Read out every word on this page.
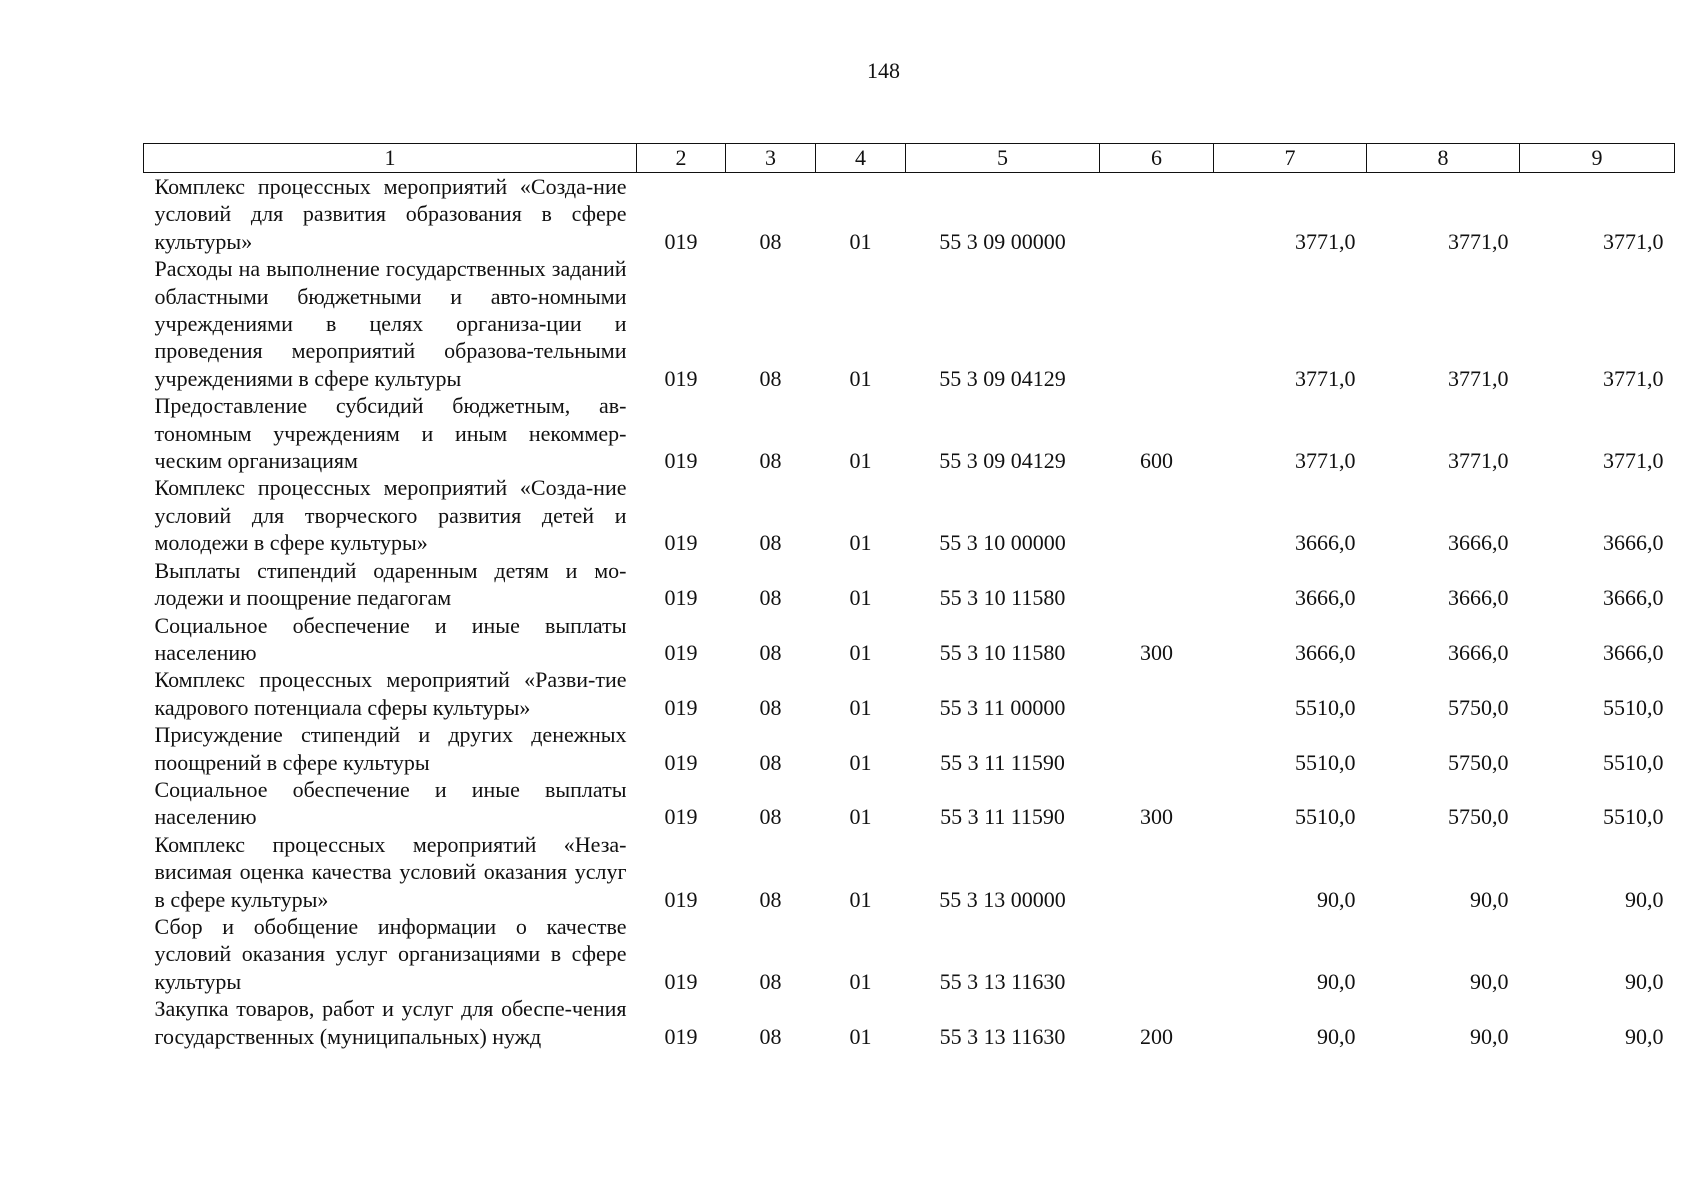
148
1	2	3	4	5	6	7	8	9
Комплекс процессных мероприятий «Созда-ние условий для развития образования в сфере культуры»	019	08	01	55 3 09 00000		3771,0	3771,0	3771,0
Расходы на выполнение государственных заданий областными бюджетными и авто-номными учреждениями в целях организа-ции и проведения мероприятий образова-тельными учреждениями в сфере культуры	019	08	01	55 3 09 04129		3771,0	3771,0	3771,0
Предоставление субсидий бюджетным, ав-тономным учреждениям и иным некоммер-ческим организациям	019	08	01	55 3 09 04129	600	3771,0	3771,0	3771,0
Комплекс процессных мероприятий «Созда-ние условий для творческого развития детей и молодежи в сфере культуры»	019	08	01	55 3 10 00000		3666,0	3666,0	3666,0
Выплаты стипендий одаренным детям и мо-лодежи и поощрение педагогам	019	08	01	55 3 10 11580		3666,0	3666,0	3666,0
Социальное обеспечение и иные выплаты населению	019	08	01	55 3 10 11580	300	3666,0	3666,0	3666,0
Комплекс процессных мероприятий «Разви-тие кадрового потенциала сферы культуры»	019	08	01	55 3 11 00000		5510,0	5750,0	5510,0
Присуждение стипендий и других денежных поощрений в сфере культуры	019	08	01	55 3 11 11590		5510,0	5750,0	5510,0
Социальное обеспечение и иные выплаты населению	019	08	01	55 3 11 11590	300	5510,0	5750,0	5510,0
Комплекс процессных мероприятий «Неза-висимая оценка качества условий оказания услуг в сфере культуры»	019	08	01	55 3 13 00000		90,0	90,0	90,0
Сбор и обобщение информации о качестве условий оказания услуг организациями в сфере культуры	019	08	01	55 3 13 11630		90,0	90,0	90,0
Закупка товаров, работ и услуг для обеспе-чения государственных (муниципальных) нужд	019	08	01	55 3 13 11630	200	90,0	90,0	90,0
